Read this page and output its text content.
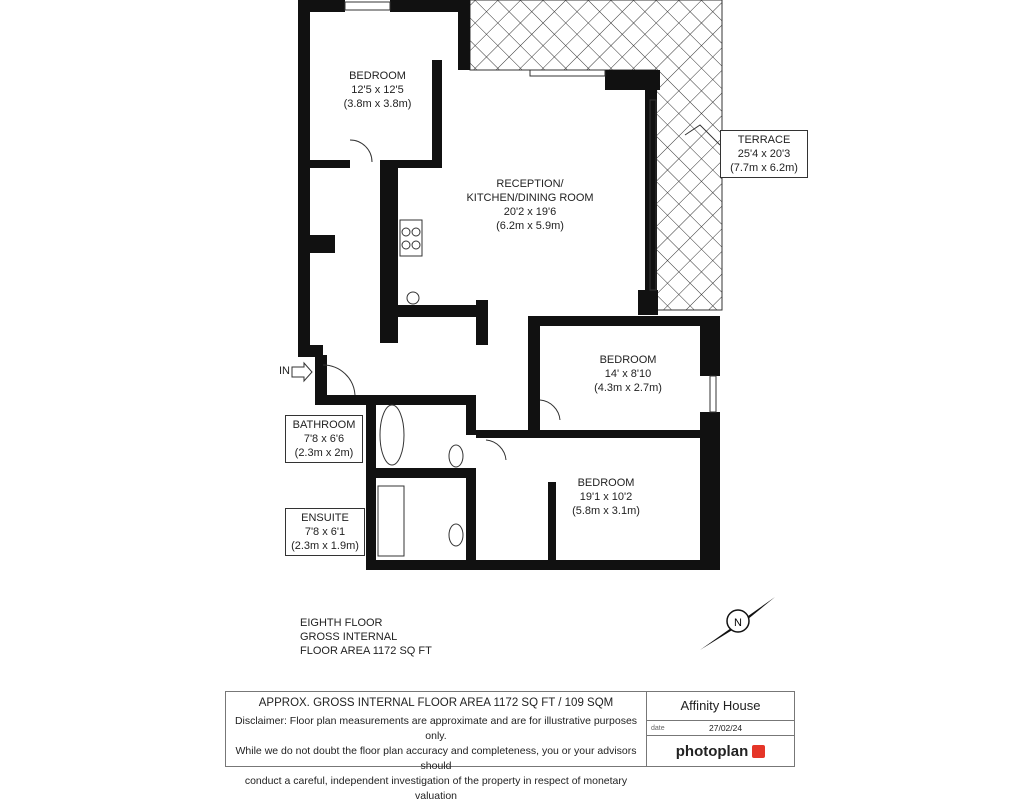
N
BEDROOM
12'5 x 12'5
(3.8m x 3.8m)
RECEPTION/
KITCHEN/DINING ROOM
20'2 x 19'6
(6.2m x 5.9m)
TERRACE
25'4 x 20'3
(7.7m x 6.2m)
BEDROOM
14' x 8'10
(4.3m x 2.7m)
BEDROOM
19'1 x 10'2
(5.8m x 3.1m)
BATHROOM
7'8 x 6'6
(2.3m x 2m)
ENSUITE
7'8 x 6'1
(2.3m x 1.9m)
IN
EIGHTH FLOOR
GROSS INTERNAL
FLOOR AREA 1172 SQ FT
APPROX. GROSS INTERNAL FLOOR AREA 1172 SQ FT / 109 SQM
Disclaimer: Floor plan measurements are approximate and are for illustrative purposes only.
While we do not doubt the floor plan accuracy and completeness, you or your advisors should
conduct a careful, independent investigation of the property in respect of monetary valuation
Affinity House
date	27/02/24
photoplan
